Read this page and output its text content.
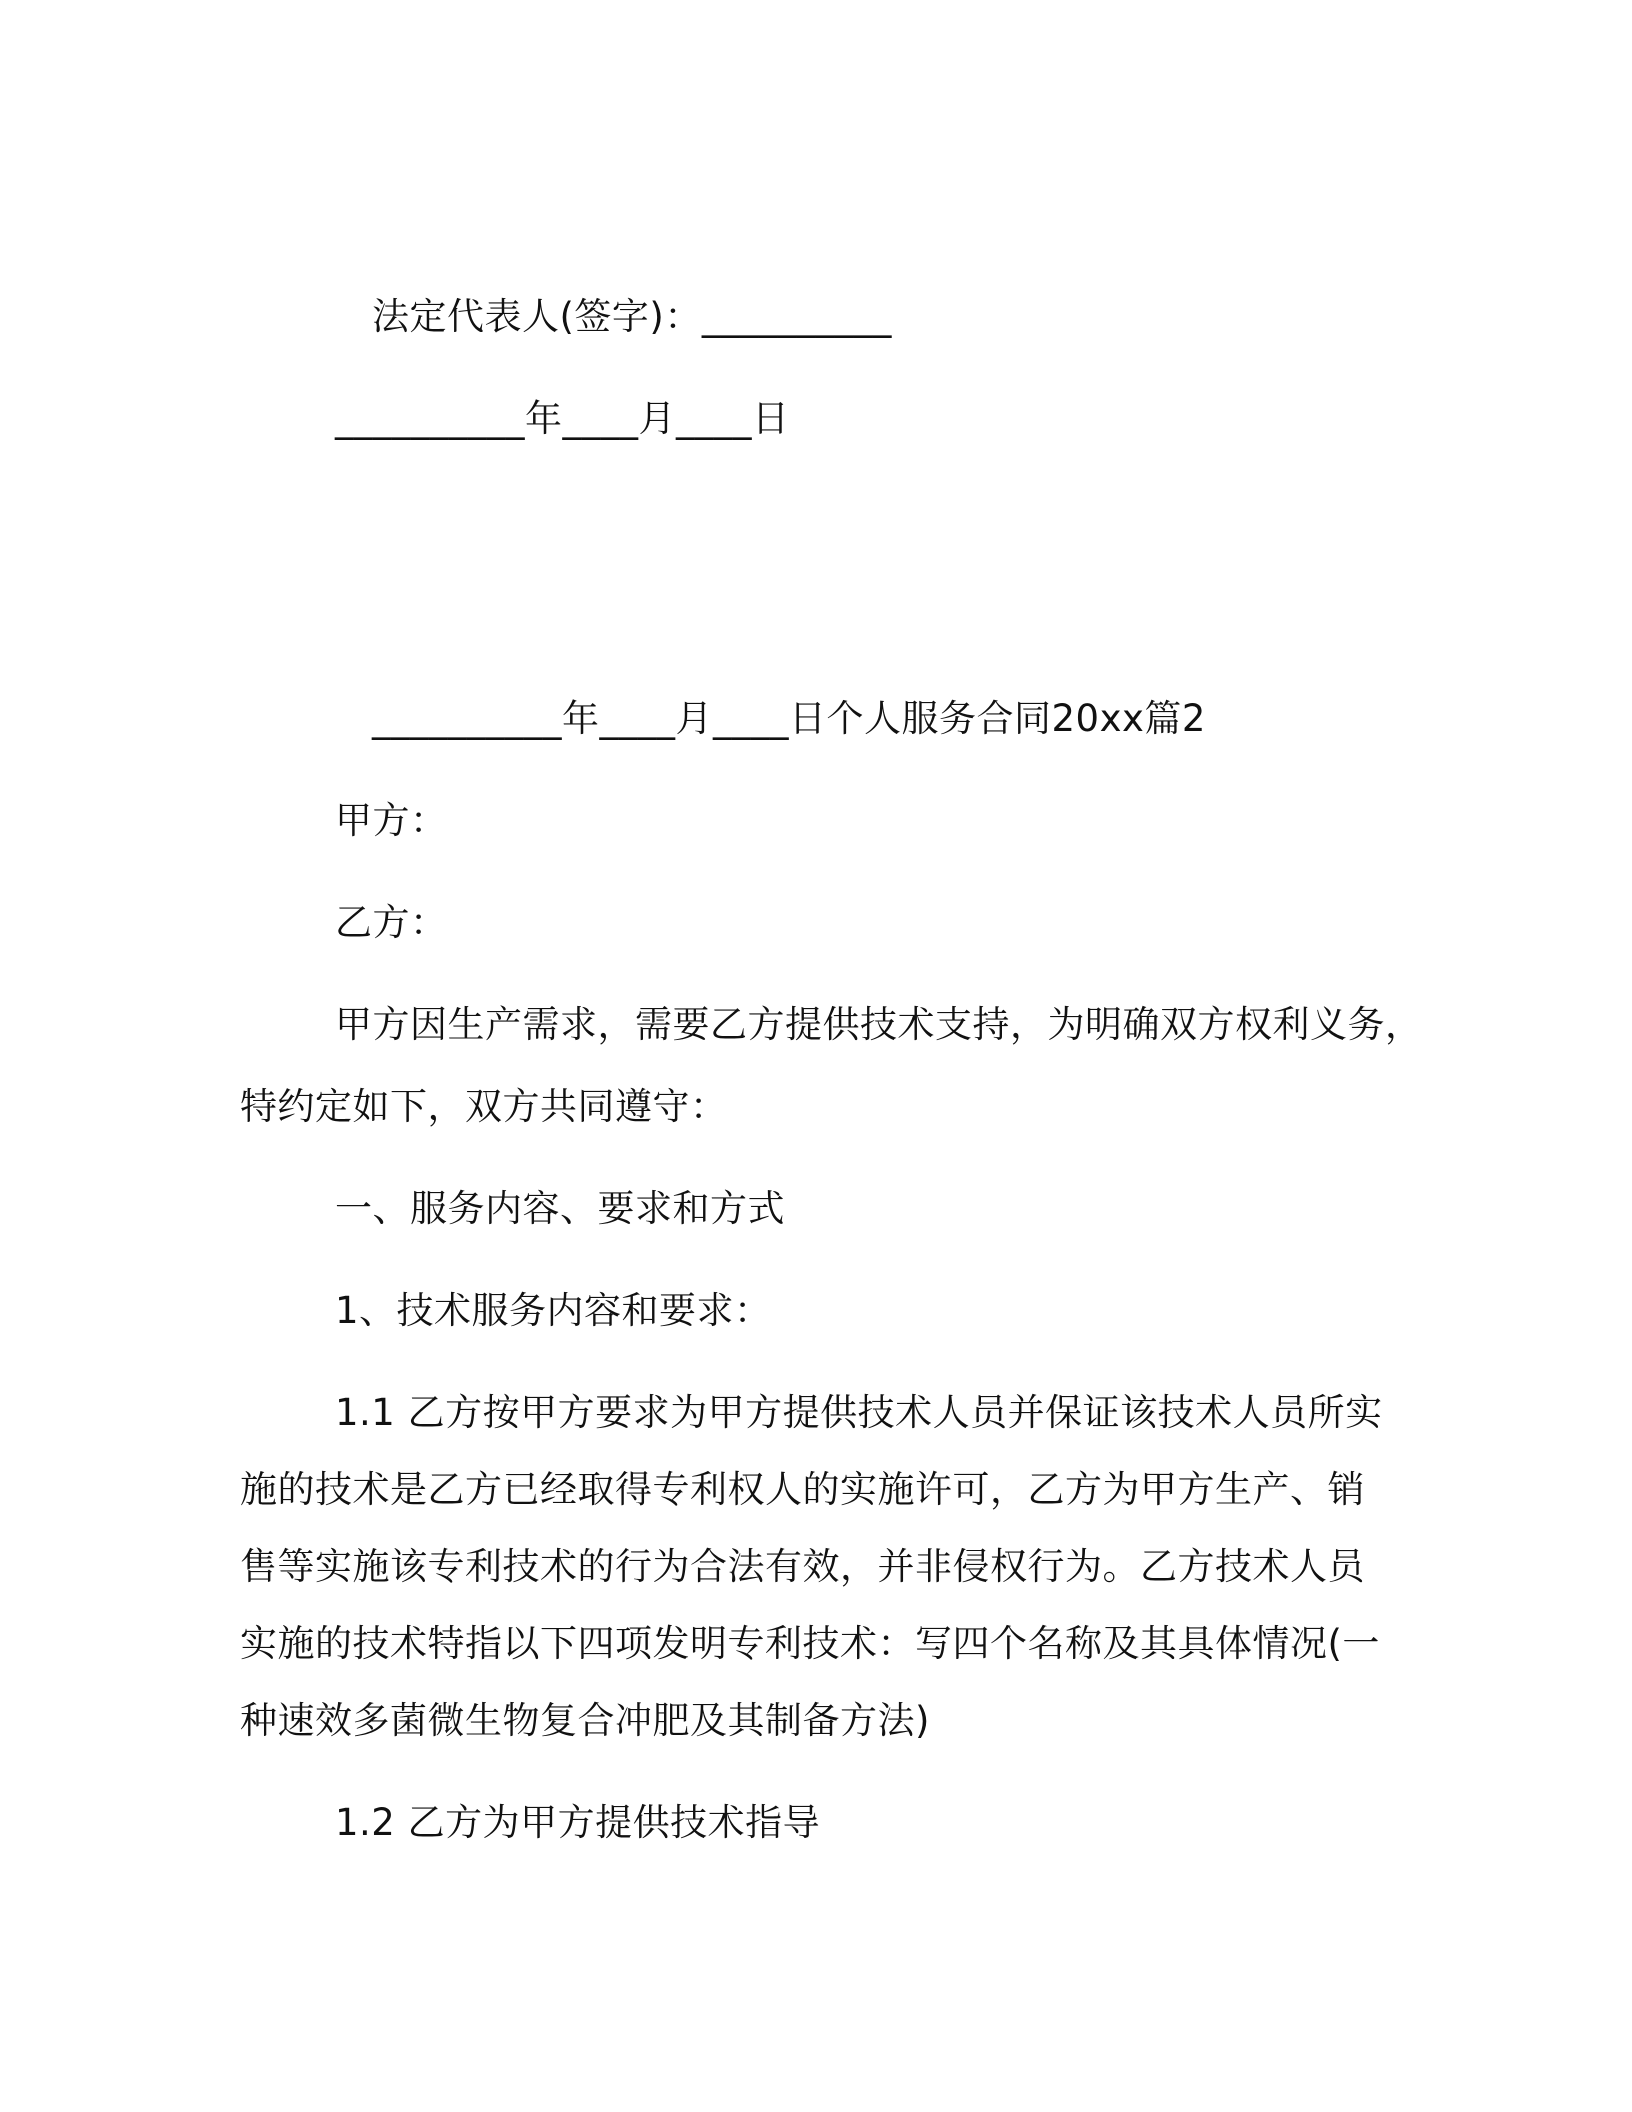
法定代表人(签字)：__________
__________年____月____日
__________年____月____日个人服务合同20xx篇2
甲方：
乙方：
甲方因生产需求，需要乙方提供技术支持，为明确双方权利义务，
特约定如下，双方共同遵守：
一、服务内容、要求和方式
1、技术服务内容和要求：
1.1 乙方按甲方要求为甲方提供技术人员并保证该技术人员所实
施的技术是乙方已经取得专利权人的实施许可，乙方为甲方生产、销
售等实施该专利技术的行为合法有效，并非侵权行为。乙方技术人员
实施的技术特指以下四项发明专利技术：写四个名称及其具体情况(一
种速效多菌微生物复合冲肥及其制备方法)
1.2 乙方为甲方提供技术指导
